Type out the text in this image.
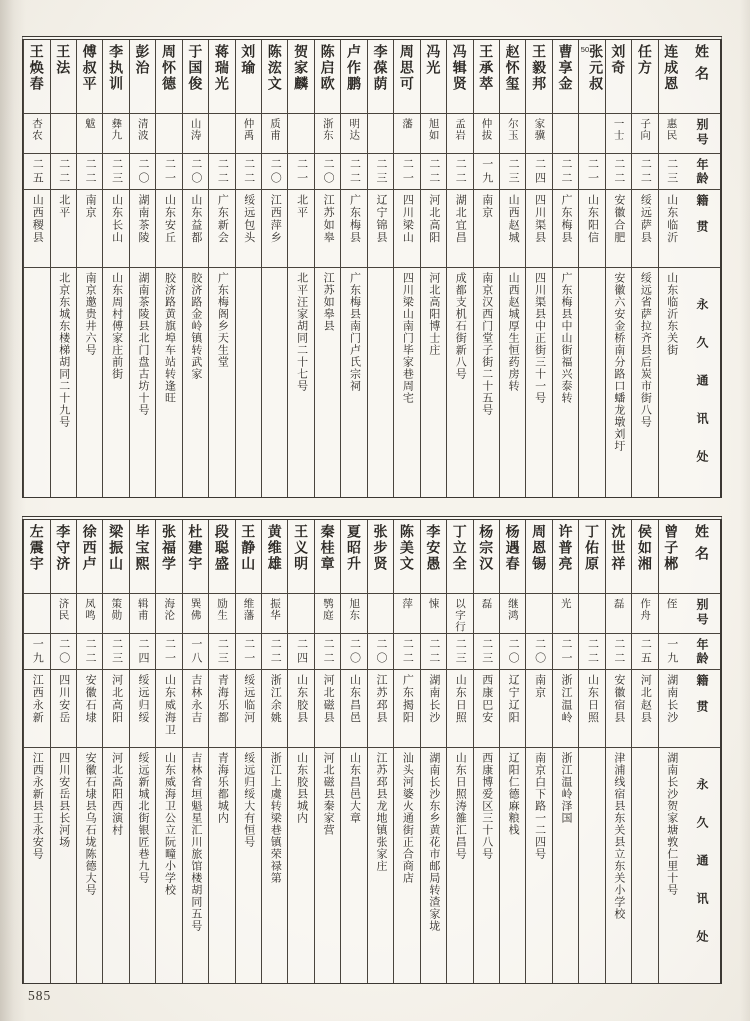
姓名
别号
年龄
籍贯
永久通讯处
连成恩
惠民
二三
山东临沂
山东临沂东关街
任方
子向
二二
绥远萨县
绥远省萨拉齐县后炭市街八号
刘奇
一士
二二
安徽合肥
安徽六安金桥南分路口蟠龙墩刘圩
张元叔
50
二一
山东阳信
曹享金
二二
广东梅县
广东梅县中山街福兴泰转
王毅邦
家骥
二四
四川渠县
四川渠县中正街三十一号
赵怀玺
尔玉
二三
山西赵城
山西赵城厚生恒药房转
王承萃
仲拔
一九
南京
南京汉西门堂子街二十五号
冯辑贤
孟岩
二二
湖北宜昌
成都支机石街新八号
冯光
旭如
二二
河北高阳
河北高阳博士庄
周思可
藩
二一
四川梁山
四川梁山南门毕家巷周宅
李葆荫
二三
辽宁锦县
卢作鹏
明达
二二
广东梅县
广东梅县南门卢氏宗祠
陈启欧
浙东
二〇
江苏如皋
江苏如皋县
贺家麟
二一
北平
北平汪家胡同二十七号
陈浤文
质甫
二〇
江西萍乡
刘瑜
仲禹
二二
绥远包头
蒋瑞光
二二
广东新会
广东梅阁乡天生堂
于国俊
山涛
二〇
山东益都
胶济路金岭镇转武家
周怀德
二一
山东安丘
胶济路黄旗埠车站转逢旺
彭治
清波
二〇
湖南茶陵
湖南茶陵县北门盘古坊十号
李执训
彝九
二三
山东长山
山东周村傅家庄前街
傅叔平
魃
二二
南京
南京邀贵井六号
王法
二二
北平
北京东城东楼梯胡同二十九号
王焕春
杏农
二五
山西稷县
姓名
别号
年龄
籍贯
永久通讯处
曾子郴
侄
一九
湖南长沙
湖南长沙贺家塘敦仁里十号
侯如湘
作舟
二五
河北赵县
沈世祥
磊
二二
安徽宿县
津浦线宿县东关县立东关小学校
丁佑原
二二
山东日照
许普亮
光
二一
浙江温岭
浙江温岭泽国
周恩锡
二〇
南京
南京白下路一二四号
杨遇春
继鸿
二〇
辽宁辽阳
辽阳仁德麻粮栈
杨宗汉
磊
二三
西康巴安
西康博爱区三十八号
丁立全
以字行
二三
山东日照
山东日照涛雒汇昌号
李安愚
悚
二二
湖南长沙
湖南长沙东乡黄花市邮局转渣家垅
陈美文
萍
二二
广东揭阳
汕头河婆火通街正合商店
张步贤
二〇
江苏邳县
江苏邳县龙地镇张家庄
夏昭升
旭东
二〇
山东昌邑
山东昌邑大章
秦桂章
鹗庭
二二
河北磁县
河北磁县秦家营
王义明
二四
山东胶县
山东胶县城内
黄维雄
振华
二二
浙江余姚
浙江上虞转梁巷镇荣禄第
王静山
维藩
二一
绥远临河
绥远归绥大有恒号
段聪盛
励生
二三
青海乐都
青海乐都城内
杜建宇
巽佛
一八
吉林永吉
吉林省垣魁星汇川旅馆楼胡同五号
张福学
海沦
二一
山东威海卫
山东威海卫公立阮疃小学校
毕宝熙
辑甫
二四
绥远归绥
绥远新城北街银匠巷九号
梁振山
策勋
二三
河北高阳
河北高阳西演村
徐西卢
凤鸣
二二
安徽石埭
安徽石埭县乌石垅陈德大号
李守济
济民
二〇
四川安岳
四川安岳县长河场
左震宇
一九
江西永新
江西永新县王永安号
585
